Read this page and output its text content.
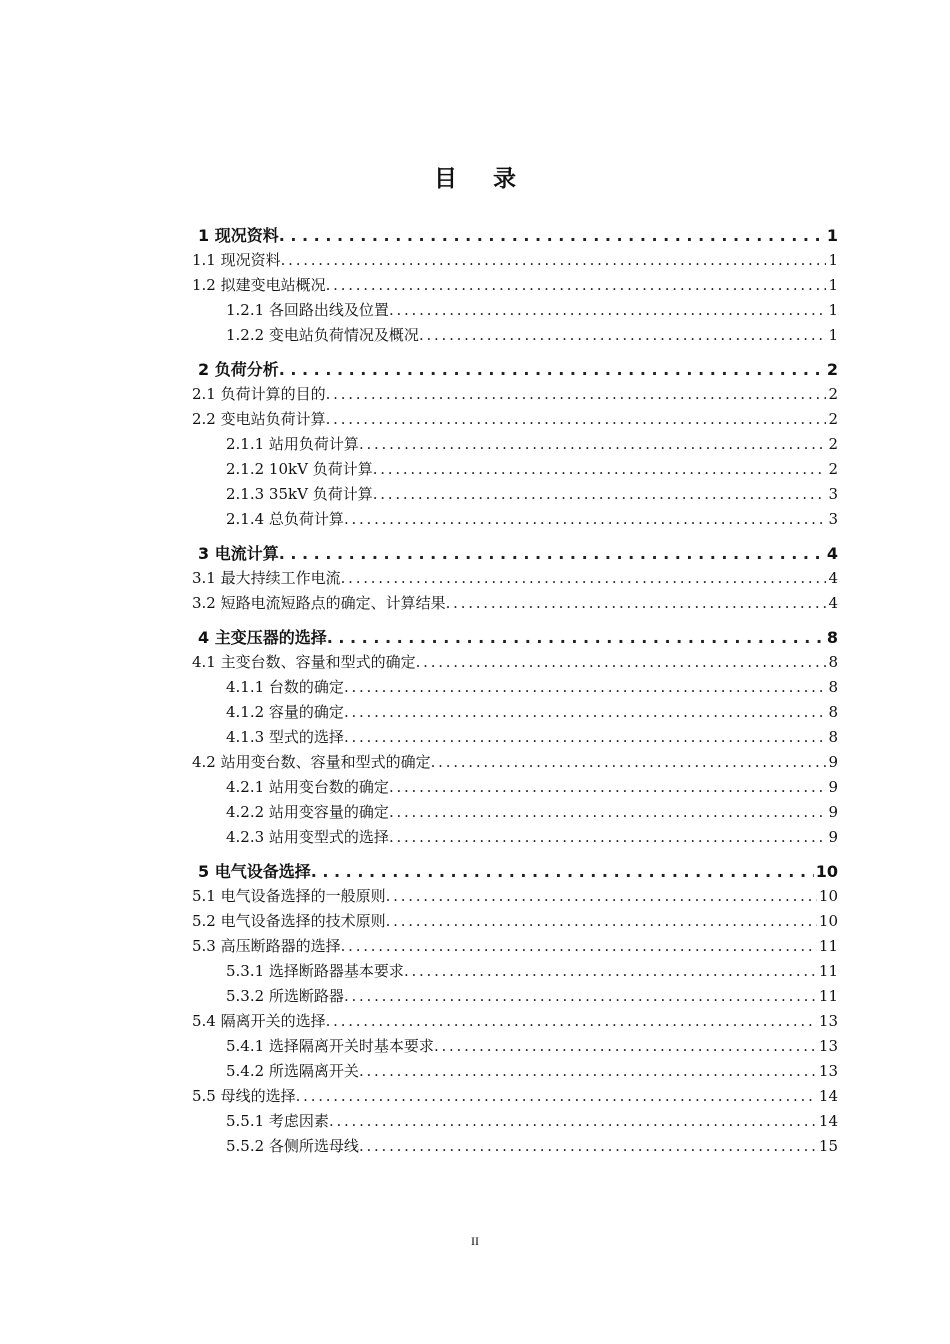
目 录
1 现况资料 . . .	1
1.1 现况资料 . . .	1
1.2 拟建变电站概况 . . .	1
1.2.1 各回路出线及位置 . . .	1
1.2.2 变电站负荷情况及概况 . . .	1
2 负荷分析 . . .	2
2.1 负荷计算的目的 . . .	2
2.2 变电站负荷计算 . . .	2
2.1.1 站用负荷计算 . . .	2
2.1.2 10kV 负荷计算 . . .	2
2.1.3 35kV 负荷计算 . . .	3
2.1.4 总负荷计算 . . .	3
3 电流计算 . . .	4
3.1 最大持续工作电流 . . .	4
3.2 短路电流短路点的确定、计算结果 . . .	4
4 主变压器的选择 . . .	8
4.1 主变台数、容量和型式的确定 . . .	8
4.1.1 台数的确定 . . .	8
4.1.2 容量的确定 . . .	8
4.1.3 型式的选择 . . .	8
4.2 站用变台数、容量和型式的确定 . . .	9
4.2.1 站用变台数的确定 . . .	9
4.2.2 站用变容量的确定 . . .	9
4.2.3 站用变型式的选择 . . .	9
5 电气设备选择 . . .	10
5.1 电气设备选择的一般原则 . . .	10
5.2 电气设备选择的技术原则 . . .	10
5.3 高压断路器的选择 . . .	11
5.3.1 选择断路器基本要求 . . .	11
5.3.2 所选断路器 . . .	11
5.4 隔离开关的选择 . . .	13
5.4.1 选择隔离开关时基本要求 . . .	13
5.4.2 所选隔离开关 . . .	13
5.5 母线的选择 . . .	14
5.5.1 考虑因素 . . .	14
5.5.2 各侧所选母线 . . .	15
II
